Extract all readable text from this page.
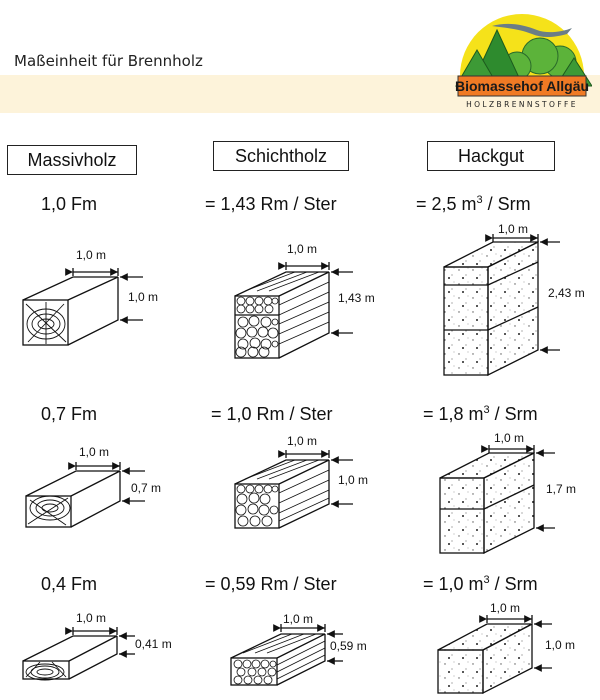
Maßeinheit für Brennholz
Biomassehof Allgäu
HOLZBRENNSTOFFE
Massivholz	Schichtholz	Hackgut
1,0 Fm	= 1,43 Rm / Ster	= 2,5 $m^3$ / Srm
0,7 Fm	= 1,0 Rm / Ster	= 1,8 $m^3$ / Srm
0,4 Fm	= 0,59 Rm / Ster	= 1,0 $m^3$ / Srm
1,0 m
1,0 m
1,0 m
1,43 m
1,0 m
2,43 m
1,0 m
0,7 m
1,0 m
1,0 m
1,0 m
1,7 m
1,0 m
0,41 m
1,0 m
0,59 m
1,0 m
1,0 m
